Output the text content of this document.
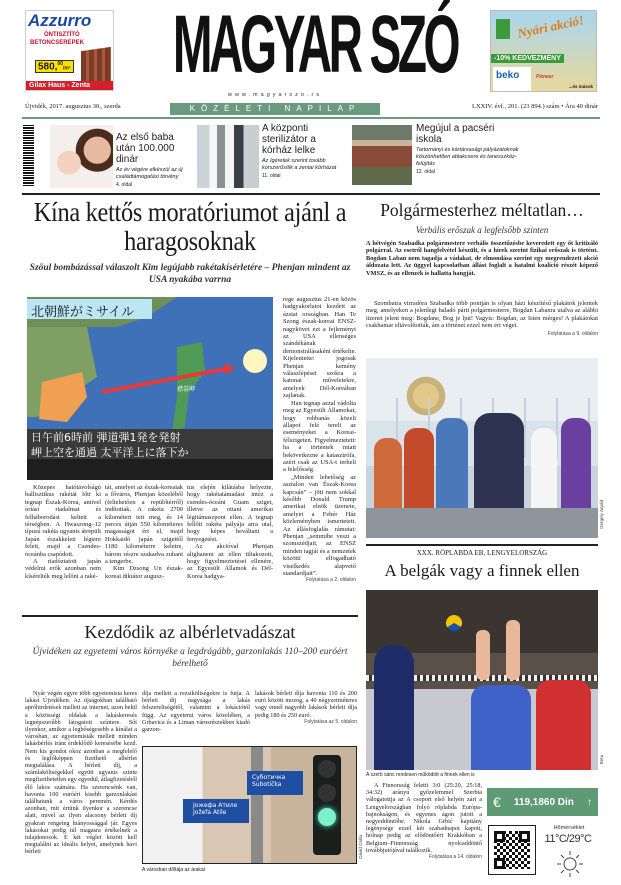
Azzurro
ÖNTISZTÍTÓ
BETONCSEREPEK
580,00/m²
Gilax Haus - Zenta	MAGYAR SZÓ
www.magyarszo.rs
Nyári akció!
-10% KEDVEZMÉNY
beko	Pioneer
...és mások
Újvidék, 2017. augusztus 30., szerda	KÖZÉLETI NAPILAP	LXXIV. évf., 201. (23 894.) szám • Ára 40 dinár
Az első baba után 100.000 dinár
Az év végére elkészül az új családtámogatási törvény
4. oldal
A központi sterilizátor a kórház lelke
Az ígéretek szerint tovább korszerűsítik a zentai kórházat
11. oldal
Megújul a pacséri iskola
Tartományi és kártársasági pályázatoknak köszönhetően ablakcsere és tanesszköz-felújítás
12. oldal
Kína kettős moratóriumot ajánl a haragosoknak
Szöul bombázással válaszolt Kim legújabb rakétakísérletére – Phenjan mindent az USA nyakába varrna
北朝鮮がミサイル
襟裳岬
日午前6時前 弾道弾1発を発射
岬上空を通過 太平洋上に落下か

Közepes hatótávolságú ballisztikus rakétát lőtt ki tegnap Észak-Korea, amivel óriási riadalmat és felháborodást keltett a térségben. A Hwaszong–12 típusú rakéta ugyanis átrepült Japán északkeleti légtere felett, majd a Csendes-óceánba csapódott.

A riadóztatott japán védelmi erők azonban nem kísérelték meg lelőni a raké-

tát, amelyet az észak-koreaiak a főváros, Phenjan közeléből (feltehetően a repülőtérről) indítottak. A rakéta 2700 kilométert tett meg, és 14 perces útján 550 kilométeres magasságot ért el, majd Hokkaidó japán szigettől 1180 kilométerre keletre, három részre szakadva zuhant a tengerbe.

Kim Dzsong Un észak-koreai diktátor augusz-

tus elején kilátásba helyezte, hogy rakétatámadást intéz a csendes-óceáni Guam sziget, illetve az ottani amerikai légitámaszpont ellen. A tegnap fellőtt rakéta pályája arra utal, hogy képes beváltani a fenyegetést.

Az akcióval Phenjan alighanem az ellen tiltakozott, hogy figyelmeztetései ellenére, az Egyesült Államok és Dél-Korea hadgya-

rege augusztus 21-en közös hadgyakorlatot kezdett az ázsiai országban. Han Te Szong észak-koreai ENSZ-nagykövet ezt a fejleményt az USA ellenséges szándékának demonstrálásaként értékelte. Kijelentette: jogosak Phenjan kemény válaszlépései szokra a katonai műveletekre, amelyek Dél-Koreában zajlanak.

Han tegnap azzal vádolta meg az Egyesült Államokat, hogy robbanás közeli állapot felé tereli az eseményeket a Koreai-félszigeten. Figyelmeztetett: ha a történtek miatt bekövetkezne a katasztrófa, azért csak az USA-t terheli a felelősség.

„Minden lehetőség az asztalon van Észak-Korea kapcsán” – jött nem sokkal később Donald Trump amerikai elnök üzenete, amelyet a Fehér Ház közleményben ismertetett. Az állásfoglalás rámutat: Phenjan „semmibe veszi a szomszédjait, az ENSZ minden tagját és a nemzetek közötti elfogadható viselkedés alapvető standardjait”.

Folytatása a 2. oldalon
Kezdődik az albérletvadászat
Újvidéken az egyetemi város környéke a legdrágább, garzonlakás 110–200 euróért bérelhető

Nyár végén egyre több egyetemista keres lakást Újvidéken. Az újságokban található apróhirdetések mellett az internet, azon belül a közösségi oldalak a lakáskeresés legnépszerűbb látogatott színtere. Sőt ilyenkor, amikor a legbőségesebb a kínálat a városban, az egyetemisták mellett minden lakásbérlés iránt érdeklődő keresésébe kezd. Nem kis gondot okoz azonban a megfelelő és legfőképpen fizethető albérlet megtalálása. A bérleti díj, a számlaköltségekkel együtt ugyanis szinte megfizethetetlen egy egyedül, átlagfizetésből élő lakos számára. Ha szerencsénk van, havonta 100 euróért kisebb garzonlakást találhatunk a város peremén. Kérdés azonban, mit értünk ilyenkor a szerencse alatt, mivel az ilyen alacsony bérleti díj gyakran rengeteg hiányossággal jár. Egyes lakásokat pedig túl magasra értékelnek a tulajdonosok. E két véglet között kell megtalálni az ideális helyet, amelynek havi bérleti

díja mellett a rezsiköltségekre is futja. A bérleti díj nagysága a lakás felszereltségétől, valamint a lokációtól függ. Az egyetemi város közelében, a Grbavica és a Liman városrészekben kiadó garzon-

lakások bérleti díja havonta 110 és 200 euró között mozog, a 40 négyzetméteres vagy ennél nagyobb lakások bérleti díja pedig 180 és 250 euró.

Folytatása az 5. oldalon
Сyботичка
Subotička
Јожефа Атиле
Jožefa Atile
Dávid Csilla
A városban dőltája az árakat
Polgármesterhez méltatlan…
Verbális erőszak a legfelsőbb szinten
A hétvégén Szabadka polgármestere verbális összetűzésbe keveredett egy őt kritizáló polgárral. Az esetről hangfelvétel készült, és a hírek szerint fizikai erőszak is történt. Bogdan Laban nem tagadja a vádakat, de elmondása szerint egy megrendezett akció áldozata lett. Az üggyel kapcsolatban állást foglalt a hatalmi koalíció részét képező VMSZ, és az ellenzék is hallatta hangját.

Szombatra virradóra Szabadka több pontján is olyan házi készítésű plakátok jelentek meg, amelyeken a jelenlegi haladó párti polgármesterre, Bogdan Labanra utalva az alábbi üzenet jelent meg: Bogdane, Bog je ljut! Vagyis: Bogdan, az Isten mérges! A plakátokat csakhamar eltávolították, ám a történet ezzel nem ért véget.

Folytatása a 9. oldalon
Gergely Árpád
XXX. RÖPLABDA EB, LENGYELORSZÁG
A belgák vagy a finnek ellen
Beta
A szerb sánc rendesen működött a finnek ellen is

A Finnország feletti 3:0 (25:20, 25:18, 34:32) arányú győzelemmel Szerbia válogatottja az A csoport első helyén zárt a Lengyelországban folyó röplabda Európa-bajnokságon, és egyenes ágon jutott a negyeddöntőbe. Nikola Grbić kapitány legénysége ezzel két szabadnapot kapott, holnap pedig az elődöntőért Krakkóban a Belgium–Finnország nyolcaddöntő továbbjutójával találkozik.

Folytatása a 14. oldalon
€ 119,1860 Din ↑
Hőmérséklet
11°C/29°C
